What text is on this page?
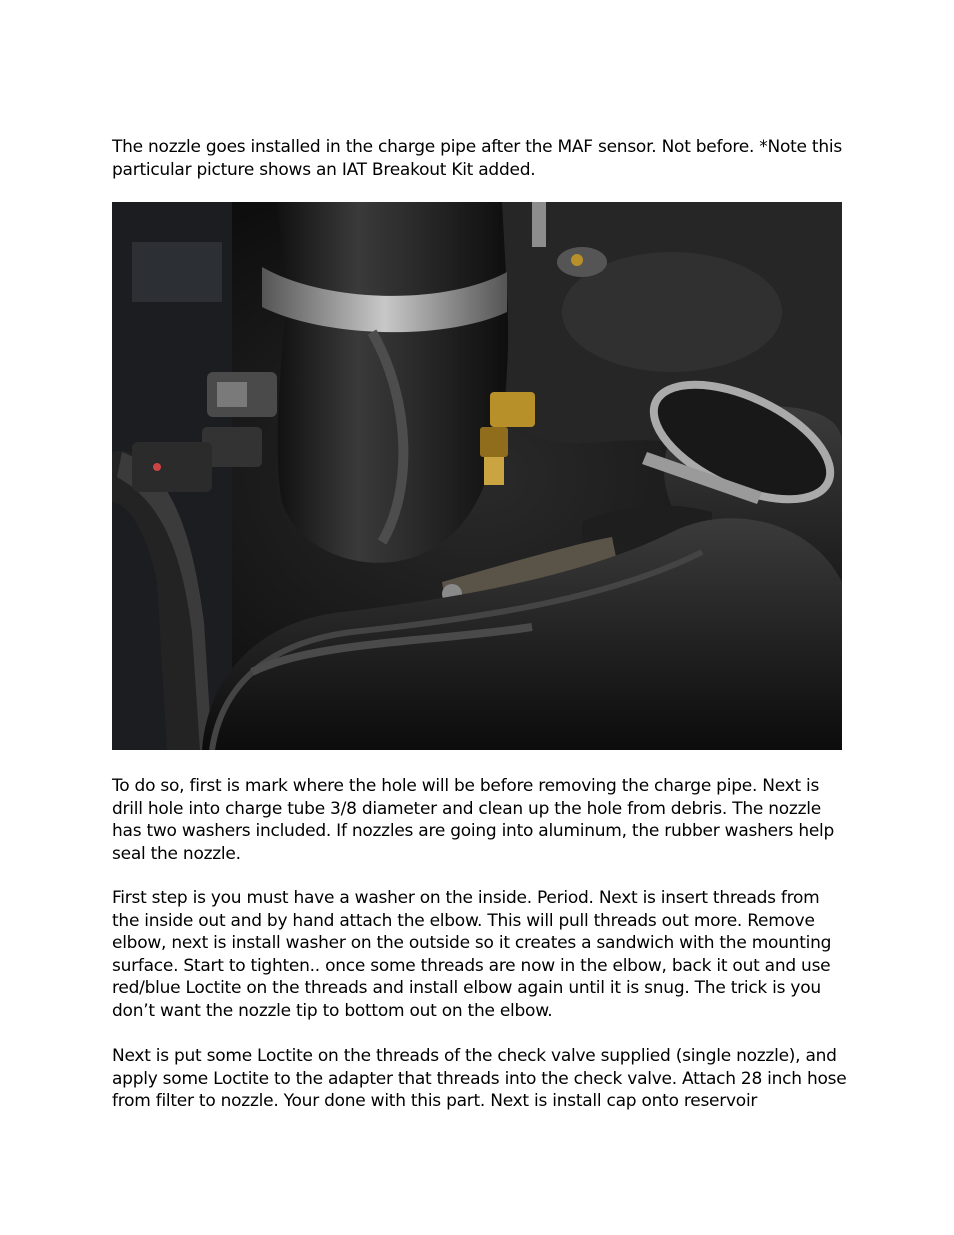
The nozzle goes installed in the charge pipe after the MAF sensor. Not before. *Note this particular picture shows an IAT Breakout Kit added.

To do so, first is mark where the hole will be before removing the charge pipe. Next is drill hole into charge tube 3/8 diameter and clean up the hole from debris. The nozzle has two washers included. If nozzles are going into aluminum, the rubber washers help seal the nozzle.

First step is you must have a washer on the inside. Period. Next is insert threads from the inside out and by hand attach the elbow. This will pull threads out more. Remove elbow, next is install washer on the outside so it creates a sandwich with the mounting surface. Start to tighten.. once some threads are now in the elbow, back it out and use red/blue Loctite on the threads and install elbow again until it is snug. The trick is you don’t want the nozzle tip to bottom out on the elbow.

Next is put some Loctite on the threads of the check valve supplied (single nozzle), and apply some Loctite to the adapter that threads into the check valve. Attach 28 inch hose from filter to nozzle. Your done with this part. Next is install cap onto reservoir
